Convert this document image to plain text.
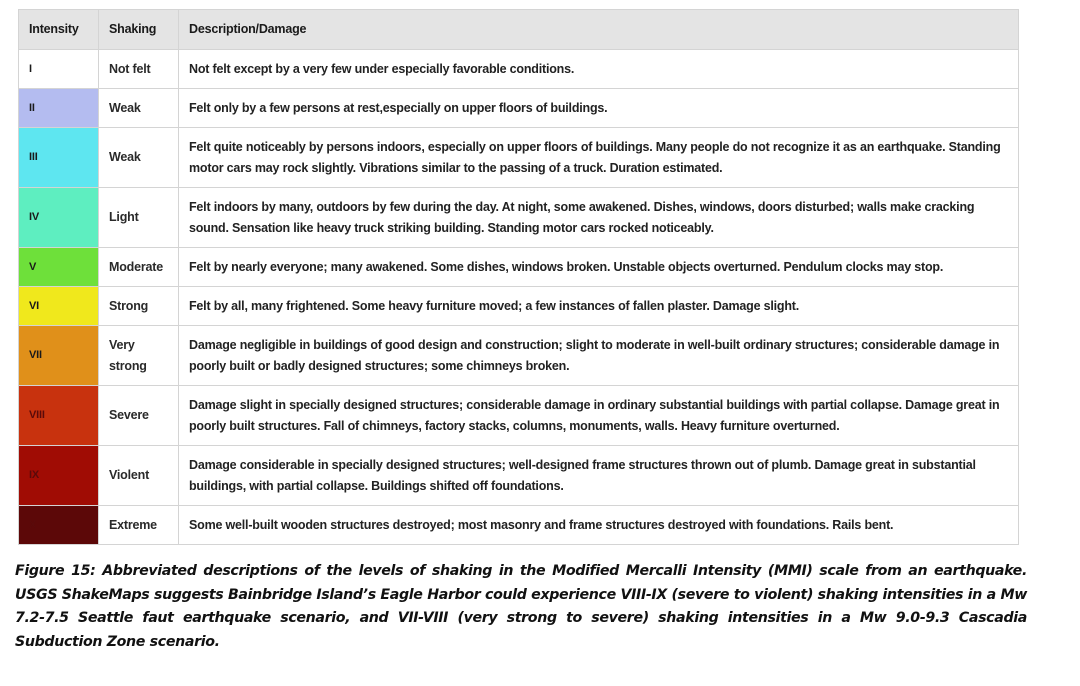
Intensity	Shaking	Description/Damage
I	Not felt	Not felt except by a very few under especially favorable conditions.
II	Weak	Felt only by a few persons at rest,especially on upper floors of buildings.
III	Weak	Felt quite noticeably by persons indoors, especially on upper floors of buildings. Many people do not recognize it as an earthquake. Standing motor cars may rock slightly. Vibrations similar to the passing of a truck. Duration estimated.
IV	Light	Felt indoors by many, outdoors by few during the day. At night, some awakened. Dishes, windows, doors disturbed; walls make cracking sound. Sensation like heavy truck striking building. Standing motor cars rocked noticeably.
V	Moderate	Felt by nearly everyone; many awakened. Some dishes, windows broken. Unstable objects overturned. Pendulum clocks may stop.
VI	Strong	Felt by all, many frightened. Some heavy furniture moved; a few instances of fallen plaster. Damage slight.
VII	Very strong	Damage negligible in buildings of good design and construction; slight to moderate in well-built ordinary structures; considerable damage in poorly built or badly designed structures; some chimneys broken.
VIII	Severe	Damage slight in specially designed structures; considerable damage in ordinary substantial buildings with partial collapse. Damage great in poorly built structures. Fall of chimneys, factory stacks, columns, monuments, walls. Heavy furniture overturned.
IX	Violent	Damage considerable in specially designed structures; well-designed frame structures thrown out of plumb. Damage great in substantial buildings, with partial collapse. Buildings shifted off foundations.
X	Extreme	Some well-built wooden structures destroyed; most masonry and frame structures destroyed with foundations. Rails bent.
Figure 15: Abbreviated descriptions of the levels of shaking in the Modified Mercalli Intensity (MMI) scale from an earthquake. USGS ShakeMaps suggests Bainbridge Island’s Eagle Harbor could experience VIII-IX (severe to violent) shaking intensities in a Mw 7.2-7.5 Seattle faut earthquake scenario, and VII-VIII (very strong to severe) shaking intensities in a Mw 9.0-9.3 Cascadia Subduction Zone scenario.
